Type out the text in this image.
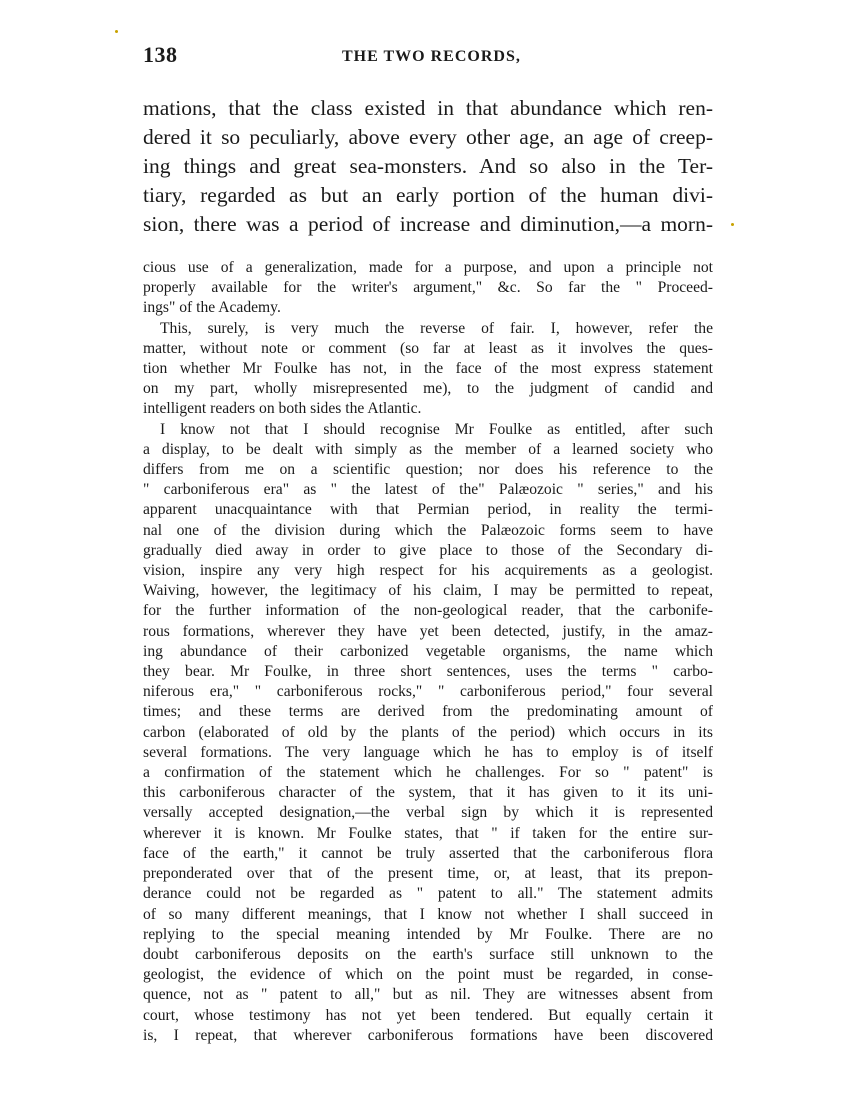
138	THE TWO RECORDS,
mations, that the class existed in that abundance which ren-
dered it so peculiarly, above every other age, an age of creep-
ing things and great sea-monsters. And so also in the Ter-
tiary, regarded as but an early portion of the human divi-
sion, there was a period of increase and diminution,—a morn-
cious use of a generalization, made for a purpose, and upon a principle not
properly available for the writer's argument," &c. So far the " Proceed-
ings" of the Academy.
This, surely, is very much the reverse of fair. I, however, refer the
matter, without note or comment (so far at least as it involves the ques-
tion whether Mr Foulke has not, in the face of the most express statement
on my part, wholly misrepresented me), to the judgment of candid and
intelligent readers on both sides the Atlantic.
I know not that I should recognise Mr Foulke as entitled, after such
a display, to be dealt with simply as the member of a learned society who
differs from me on a scientific question; nor does his reference to the
" carboniferous era" as " the latest of the" Palæozoic " series," and his
apparent unacquaintance with that Permian period, in reality the termi-
nal one of the division during which the Palæozoic forms seem to have
gradually died away in order to give place to those of the Secondary di-
vision, inspire any very high respect for his acquirements as a geologist.
Waiving, however, the legitimacy of his claim, I may be permitted to repeat,
for the further information of the non-geological reader, that the carbonife-
rous formations, wherever they have yet been detected, justify, in the amaz-
ing abundance of their carbonized vegetable organisms, the name which
they bear. Mr Foulke, in three short sentences, uses the terms " carbo-
niferous era," " carboniferous rocks," " carboniferous period," four several
times; and these terms are derived from the predominating amount of
carbon (elaborated of old by the plants of the period) which occurs in its
several formations. The very language which he has to employ is of itself
a confirmation of the statement which he challenges. For so " patent" is
this carboniferous character of the system, that it has given to it its uni-
versally accepted designation,—the verbal sign by which it is represented
wherever it is known. Mr Foulke states, that " if taken for the entire sur-
face of the earth," it cannot be truly asserted that the carboniferous flora
preponderated over that of the present time, or, at least, that its prepon-
derance could not be regarded as " patent to all." The statement admits
of so many different meanings, that I know not whether I shall succeed in
replying to the special meaning intended by Mr Foulke. There are no
doubt carboniferous deposits on the earth's surface still unknown to the
geologist, the evidence of which on the point must be regarded, in conse-
quence, not as " patent to all," but as nil. They are witnesses absent from
court, whose testimony has not yet been tendered. But equally certain it
is, I repeat, that wherever carboniferous formations have been discovered
